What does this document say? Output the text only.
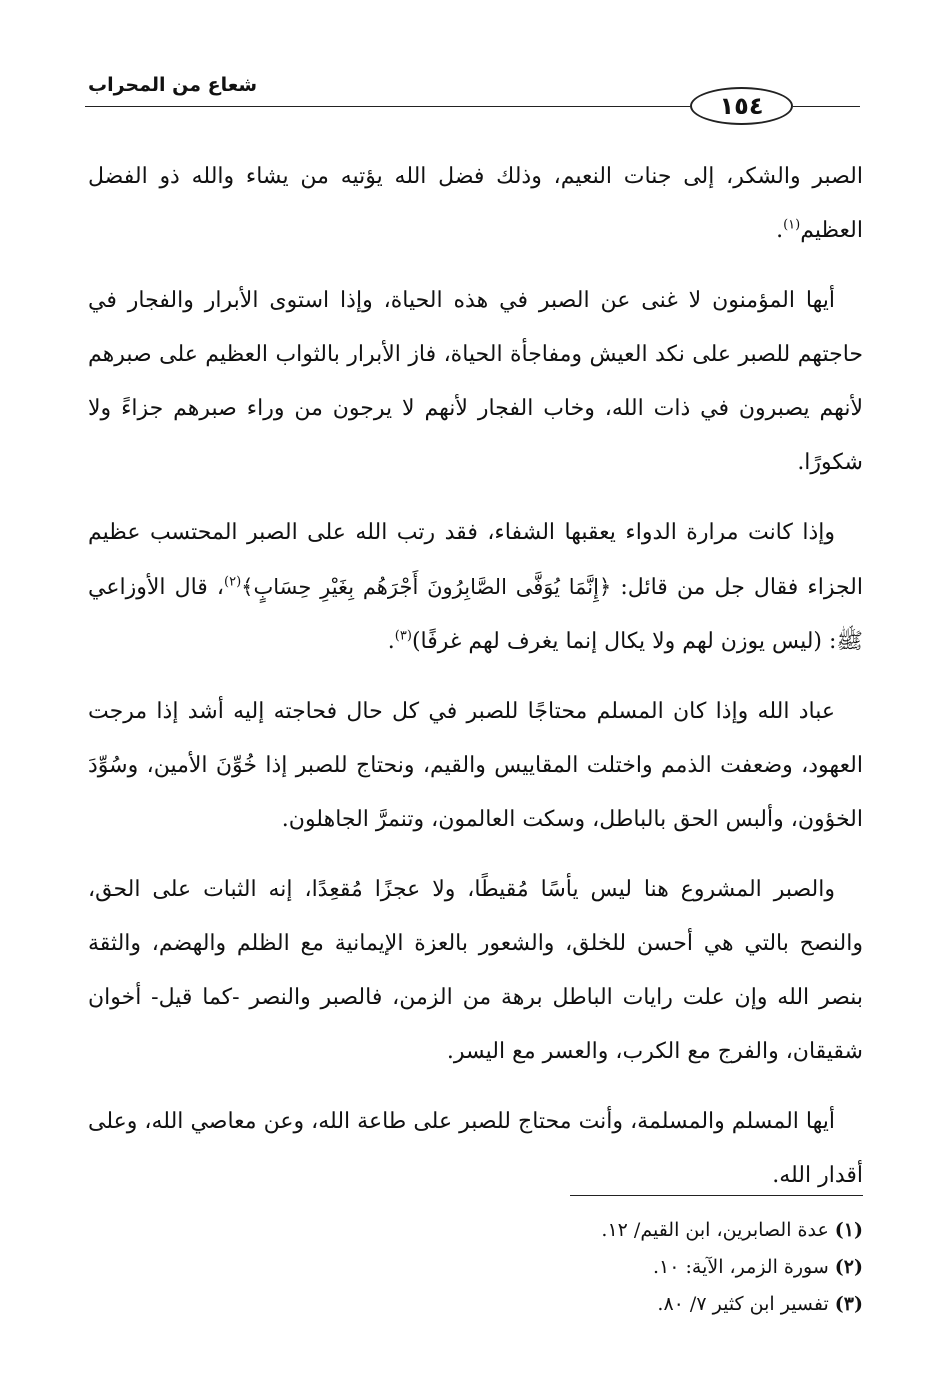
شعاع من المحراب
١٥٤

الصبر والشكر، إلى جنات النعيم، وذلك فضل الله يؤتيه من يشاء والله ذو الفضل العظيم$^{(١)}$.

أيها المؤمنون لا غنى عن الصبر في هذه الحياة، وإذا استوى الأبرار والفجار في حاجتهم للصبر على نكد العيش ومفاجأة الحياة، فاز الأبرار بالثواب العظيم على صبرهم لأنهم يصبرون في ذات الله، وخاب الفجار لأنهم لا يرجون من وراء صبرهم جزاءً ولا شكورًا.

وإذا كانت مرارة الدواء يعقبها الشفاء، فقد رتب الله على الصبر المحتسب عظيم الجزاء فقال جل من قائل: ﴿إِنَّمَا يُوَفَّى الصَّابِرُونَ أَجْرَهُم بِغَيْرِ حِسَابٍ﴾$^{(٢)}$، قال الأوزاعي ﷺ: (ليس يوزن لهم ولا يكال إنما يغرف لهم غرفًا)$^{(٣)}$.

عباد الله وإذا كان المسلم محتاجًا للصبر في كل حال فحاجته إليه أشد إذا مرجت العهود، وضعفت الذمم واختلت المقاييس والقيم، ونحتاج للصبر إذا خُوِّنَ الأمين، وسُوِّدَ الخؤون، وألبس الحق بالباطل، وسكت العالمون، وتنمرَّ الجاهلون.

والصبر المشروع هنا ليس يأسًا مُقيطًا، ولا عجزًا مُقعِدًا، إنه الثبات على الحق، والنصح بالتي هي أحسن للخلق، والشعور بالعزة الإيمانية مع الظلم والهضم، والثقة بنصر الله وإن علت رايات الباطل برهة من الزمن، فالصبر والنصر -كما قيل- أخوان شقيقان، والفرج مع الكرب، والعسر مع اليسر.

أيها المسلم والمسلمة، وأنت محتاج للصبر على طاعة الله، وعن معاصي الله، وعلى أقدار الله.

(١)عدة الصابرين، ابن القيم/ ١٢.
(٢)سورة الزمر، الآية: ١٠.
(٣)تفسير ابن كثير ٧/ ٨٠.
